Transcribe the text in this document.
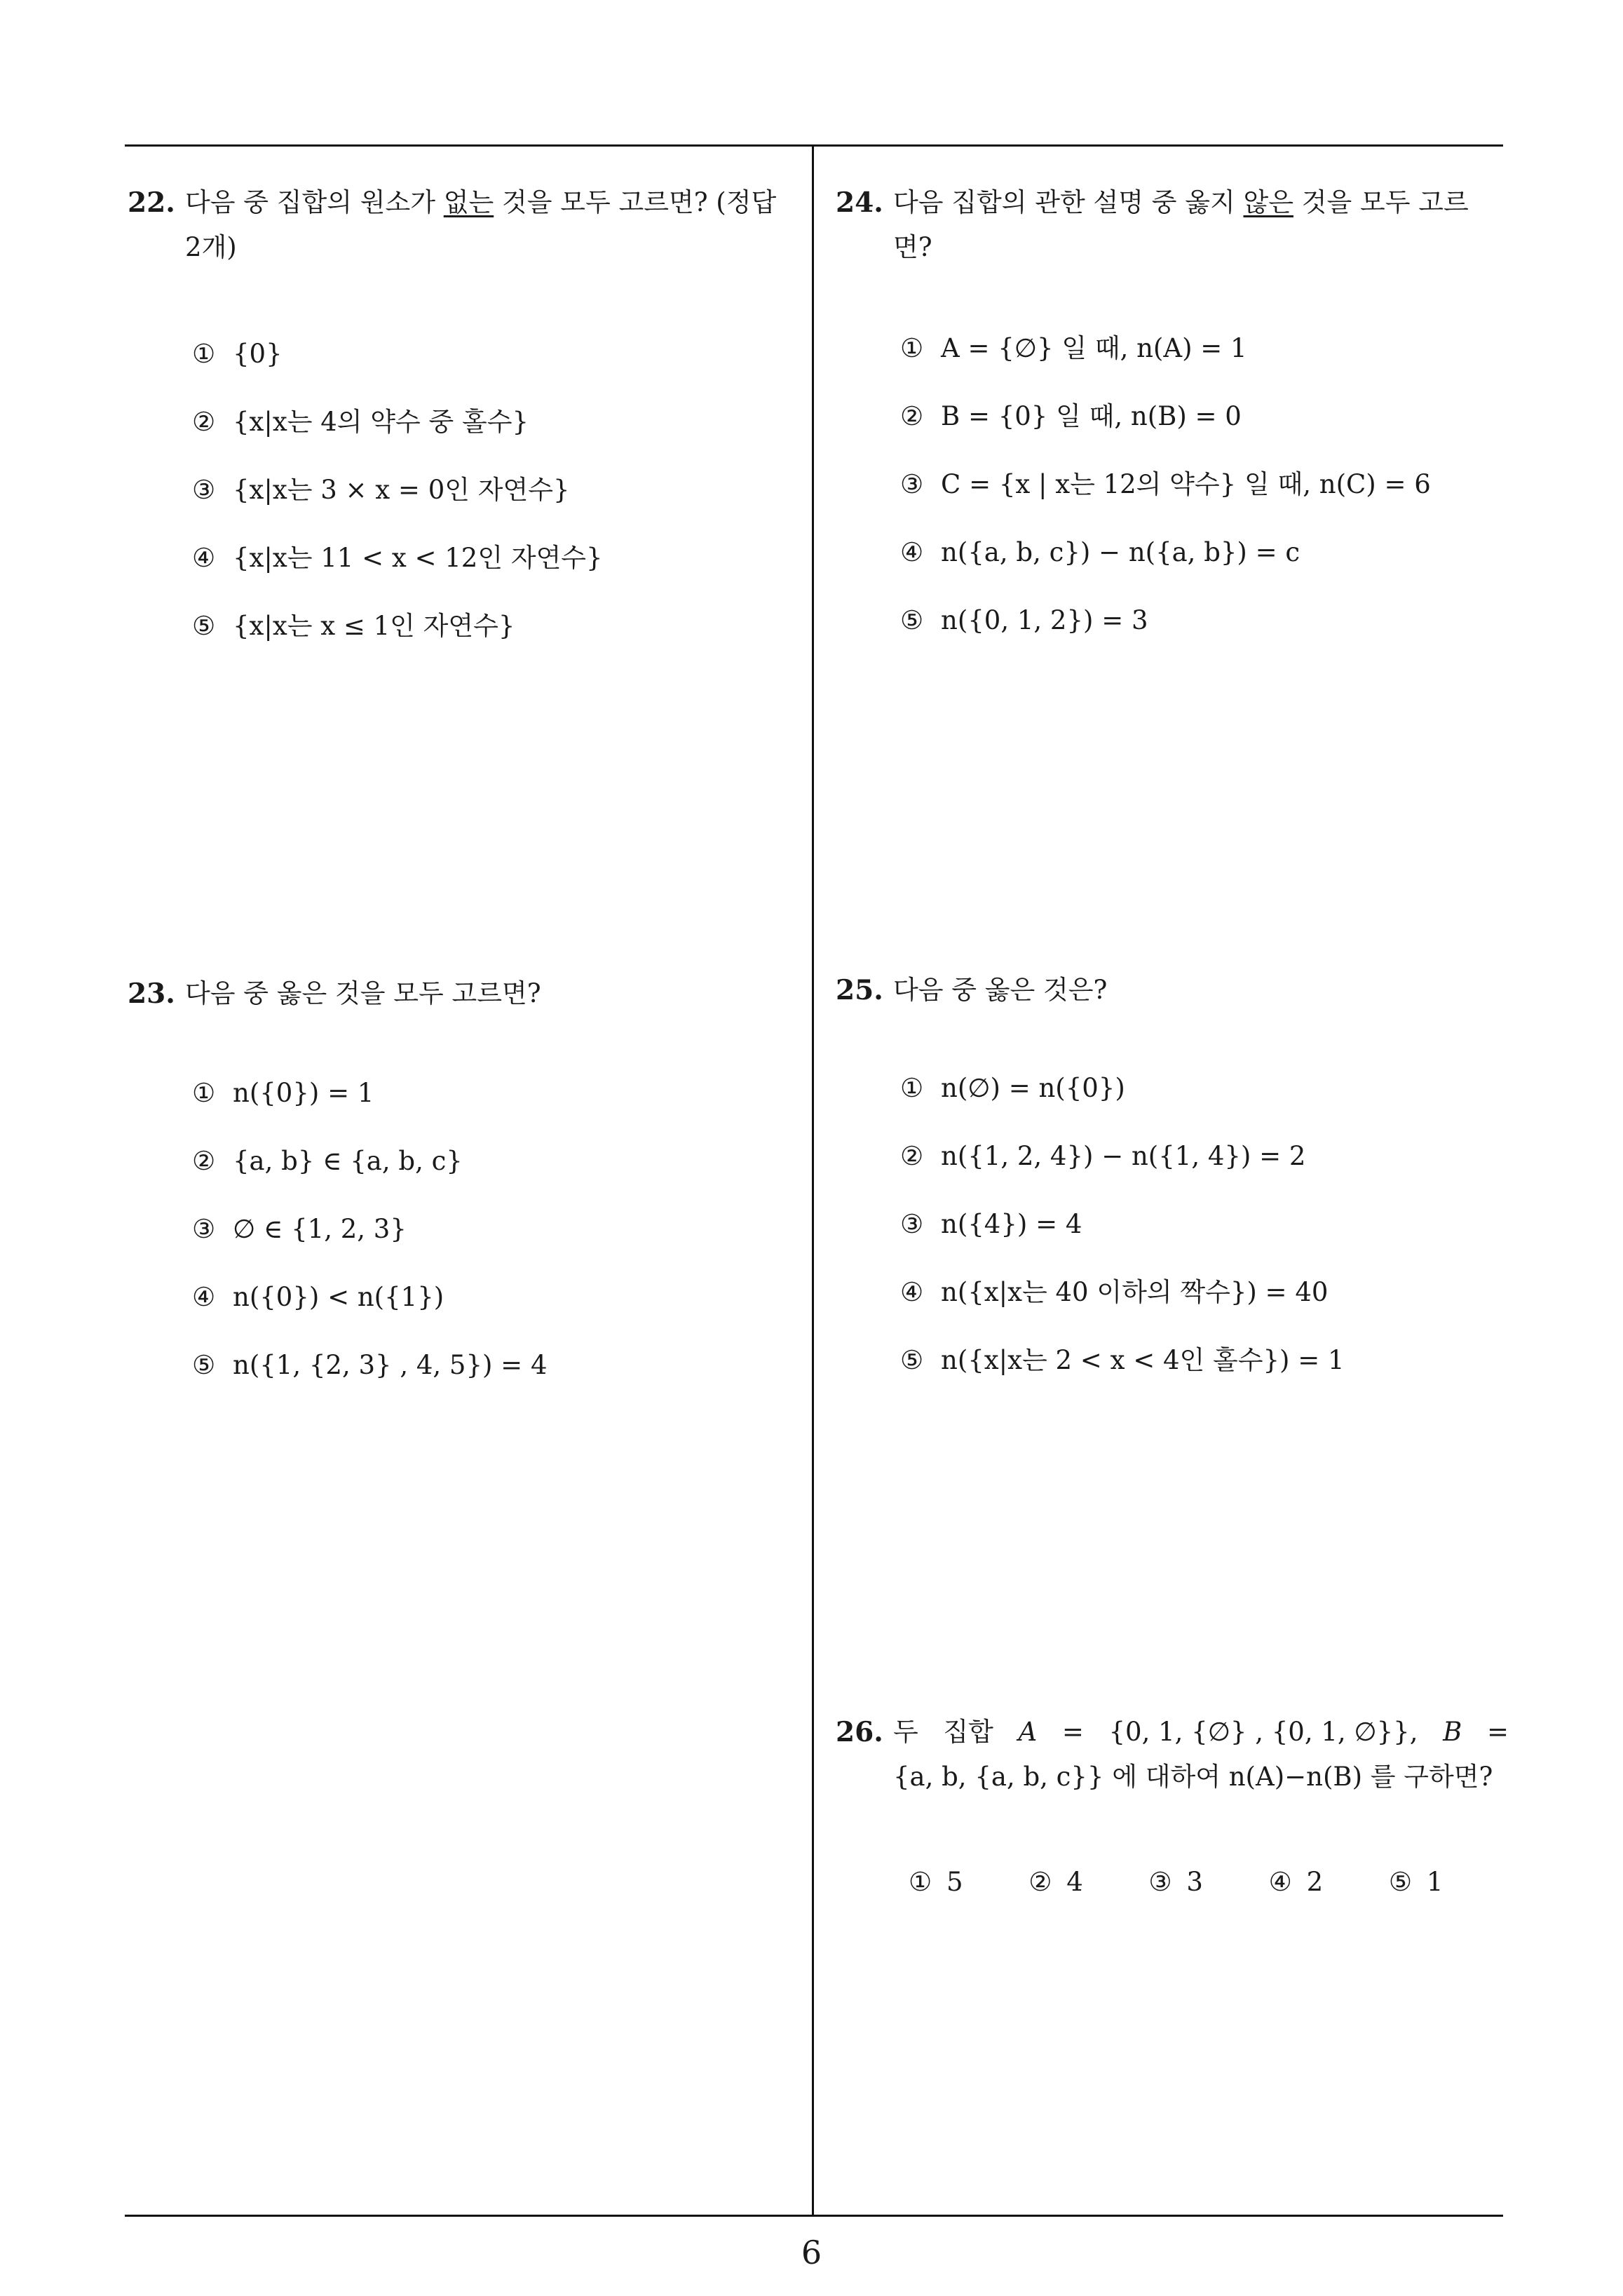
22. 다음 중 집합의 원소가 없는 것을 모두 고르면? (정답
2개)
① {0}
② {x|x는 4의 약수 중 홀수}
③ {x|x는 3 × x = 0인 자연수}
④ {x|x는 11 < x < 12인 자연수}
⑤ {x|x는 x ≤ 1인 자연수}
23. 다음 중 옳은 것을 모두 고르면?
① n({0}) = 1
② {a, b} ∈ {a, b, c}
③ ∅ ∈ {1, 2, 3}
④ n({0}) < n({1})
⑤ n({1, {2, 3} , 4, 5}) = 4
24. 다음 집합의 관한 설명 중 옳지 않은 것을 모두 고르
면?
① A = {∅} 일 때, n(A) = 1
② B = {0} 일 때, n(B) = 0
③ C = {x | x는 12의 약수} 일 때, n(C) = 6
④ n({a, b, c}) − n({a, b}) = c
⑤ n({0, 1, 2}) = 3
25. 다음 중 옳은 것은?
① n(∅) = n({0})
② n({1, 2, 4}) − n({1, 4}) = 2
③ n({4}) = 4
④ n({x|x는 40 이하의 짝수}) = 40
⑤ n({x|x는 2 < x < 4인 홀수}) = 1
26. 두 집합 A = {0, 1, {∅} , {0, 1, ∅}}, B =
{a, b, {a, b, c}} 에 대하여 n(A)−n(B) 를 구하면?
① 5	② 4	③ 3	④ 2	⑤ 1
6
